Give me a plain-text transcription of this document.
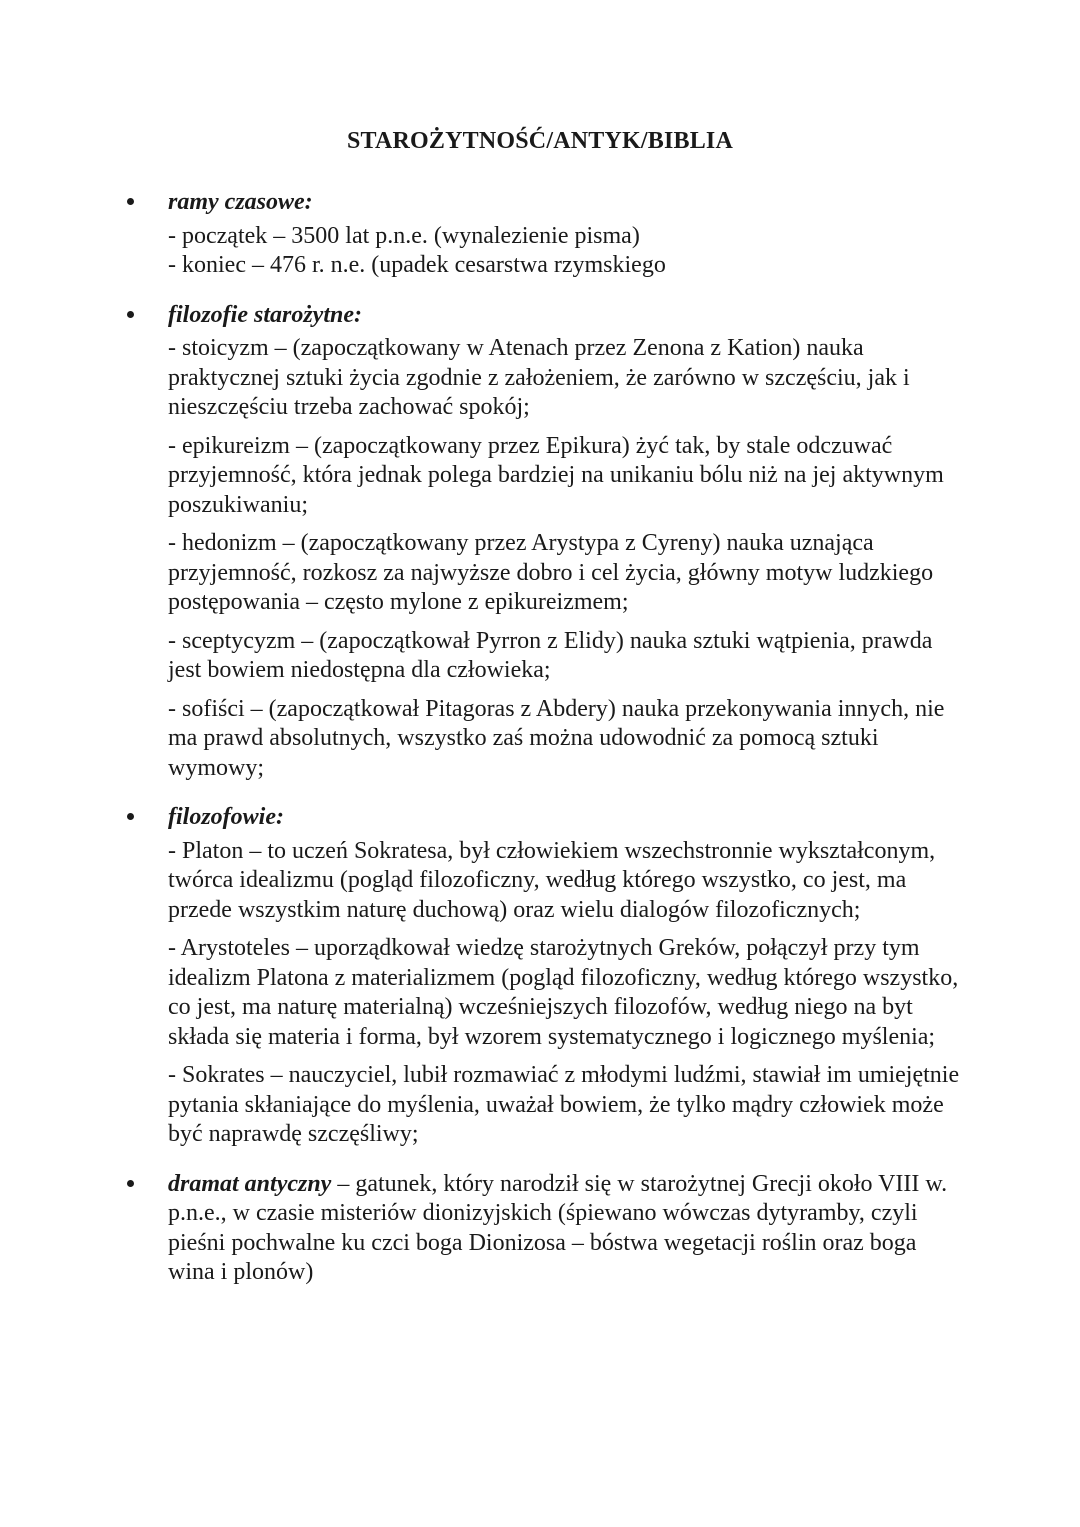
STAROŻYTNOŚĆ/ANTYK/BIBLIA
ramy czasowe:
- początek – 3500 lat p.n.e. (wynalezienie pisma)
- koniec – 476 r. n.e. (upadek cesarstwa rzymskiego
filozofie starożytne:
- stoicyzm – (zapoczątkowany w Atenach przez Zenona z Kation) nauka praktycznej sztuki życia zgodnie z założeniem, że zarówno w szczęściu, jak i nieszczęściu trzeba zachować spokój;
- epikureizm – (zapoczątkowany przez Epikura) żyć tak, by stale odczuwać przyjemność, która jednak polega bardziej na unikaniu bólu niż na jej aktywnym poszukiwaniu;
- hedonizm – (zapoczątkowany przez Arystypa z Cyreny) nauka uznająca przyjemność, rozkosz za najwyższe dobro i cel życia, główny motyw ludzkiego postępowania – często mylone z epikureizmem;
- sceptycyzm – (zapoczątkował Pyrron z Elidy) nauka sztuki wątpienia, prawda jest bowiem niedostępna dla człowieka;
- sofiści – (zapoczątkował Pitagoras z Abdery) nauka przekonywania innych, nie ma prawd absolutnych, wszystko zaś można udowodnić za pomocą sztuki wymowy;
filozofowie:
- Platon – to uczeń Sokratesa, był człowiekiem wszechstronnie wykształconym, twórca idealizmu (pogląd filozoficzny, według którego wszystko, co jest, ma przede wszystkim naturę duchową) oraz wielu dialogów filozoficznych;
- Arystoteles – uporządkował wiedzę starożytnych Greków, połączył przy tym idealizm Platona z materializmem (pogląd filozoficzny, według którego wszystko, co jest, ma naturę materialną) wcześniejszych filozofów, według niego na byt składa się materia i forma, był wzorem systematycznego i logicznego myślenia;
- Sokrates – nauczyciel, lubił rozmawiać z młodymi ludźmi, stawiał im umiejętnie pytania skłaniające do myślenia, uważał bowiem, że tylko mądry człowiek może być naprawdę szczęśliwy;
dramat antyczny – gatunek, który narodził się w starożytnej Grecji około VIII w. p.n.e., w czasie misteriów dionizyjskich (śpiewano wówczas dytyramby, czyli pieśni pochwalne ku czci boga Dionizosa – bóstwa wegetacji roślin oraz boga wina i plonów)
